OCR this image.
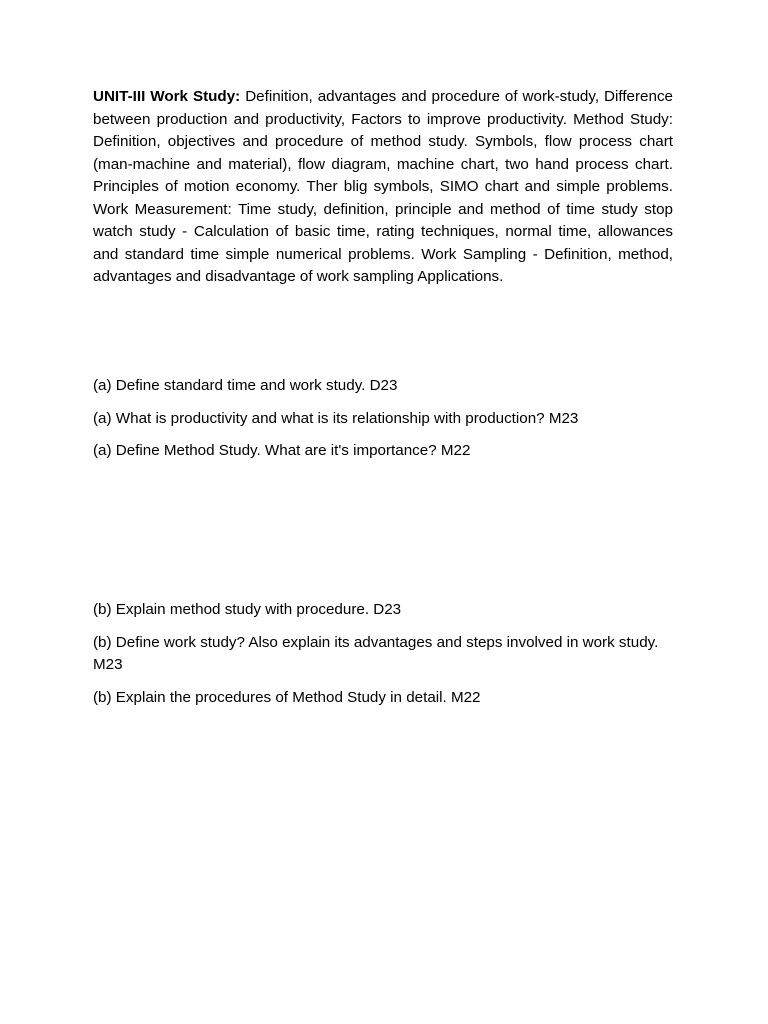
UNIT-III Work Study: Definition, advantages and procedure of work-study, Difference between production and productivity, Factors to improve productivity. Method Study: Definition, objectives and procedure of method study. Symbols, flow process chart (man-machine and material), flow diagram, machine chart, two hand process chart. Principles of motion economy. Ther blig symbols, SIMO chart and simple problems. Work Measurement: Time study, definition, principle and method of time study stop watch study - Calculation of basic time, rating techniques, normal time, allowances and standard time simple numerical problems. Work Sampling - Definition, method, advantages and disadvantage of work sampling Applications.

(a) Define standard time and work study. D23

(a) What is productivity and what is its relationship with production? M23

(a) Define Method Study. What are it's importance? M22

(b) Explain method study with procedure. D23

(b) Define work study? Also explain its advantages and steps involved in work study. M23

(b) Explain the procedures of Method Study in detail. M22
